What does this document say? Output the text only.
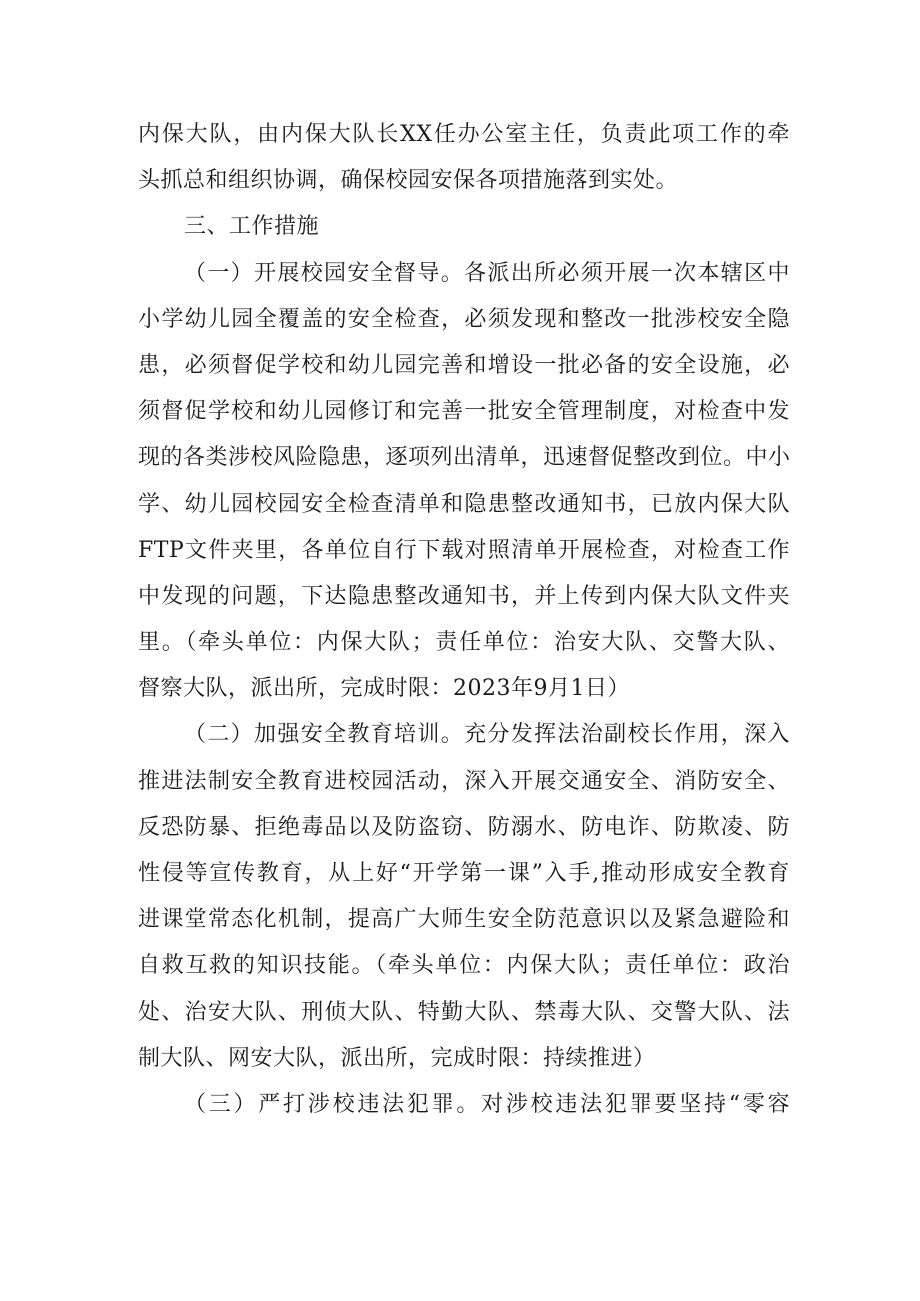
内保大队，由内保大队长XX任办公室主任，负责此项工作的牵
头抓总和组织协调，确保校园安保各项措施落到实处。
三、工作措施
（一）开展校园安全督导。各派出所必须开展一次本辖区中
小学幼儿园全覆盖的安全检查，必须发现和整改一批涉校安全隐
患，必须督促学校和幼儿园完善和增设一批必备的安全设施，必
须督促学校和幼儿园修订和完善一批安全管理制度，对检查中发
现的各类涉校风险隐患，逐项列出清单，迅速督促整改到位。中小
学、幼儿园校园安全检查清单和隐患整改通知书，已放内保大队
FTP文件夹里，各单位自行下载对照清单开展检查，对检查工作
中发现的问题，下达隐患整改通知书，并上传到内保大队文件夹
里。（牵头单位：内保大队；责任单位：治安大队、交警大队、
督察大队，派出所，完成时限：2023年9月1日）
（二）加强安全教育培训。充分发挥法治副校长作用，深入
推进法制安全教育进校园活动，深入开展交通安全、消防安全、
反恐防暴、拒绝毒品以及防盗窃、防溺水、防电诈、防欺凌、防
性侵等宣传教育，从上好“开学第一课”入手,推动形成安全教育
进课堂常态化机制，提高广大师生安全防范意识以及紧急避险和
自救互救的知识技能。（牵头单位：内保大队；责任单位：政治
处、治安大队、刑侦大队、特勤大队、禁毒大队、交警大队、法
制大队、网安大队，派出所，完成时限：持续推进）
（三）严打涉校违法犯罪。对涉校违法犯罪要坚持“零容
